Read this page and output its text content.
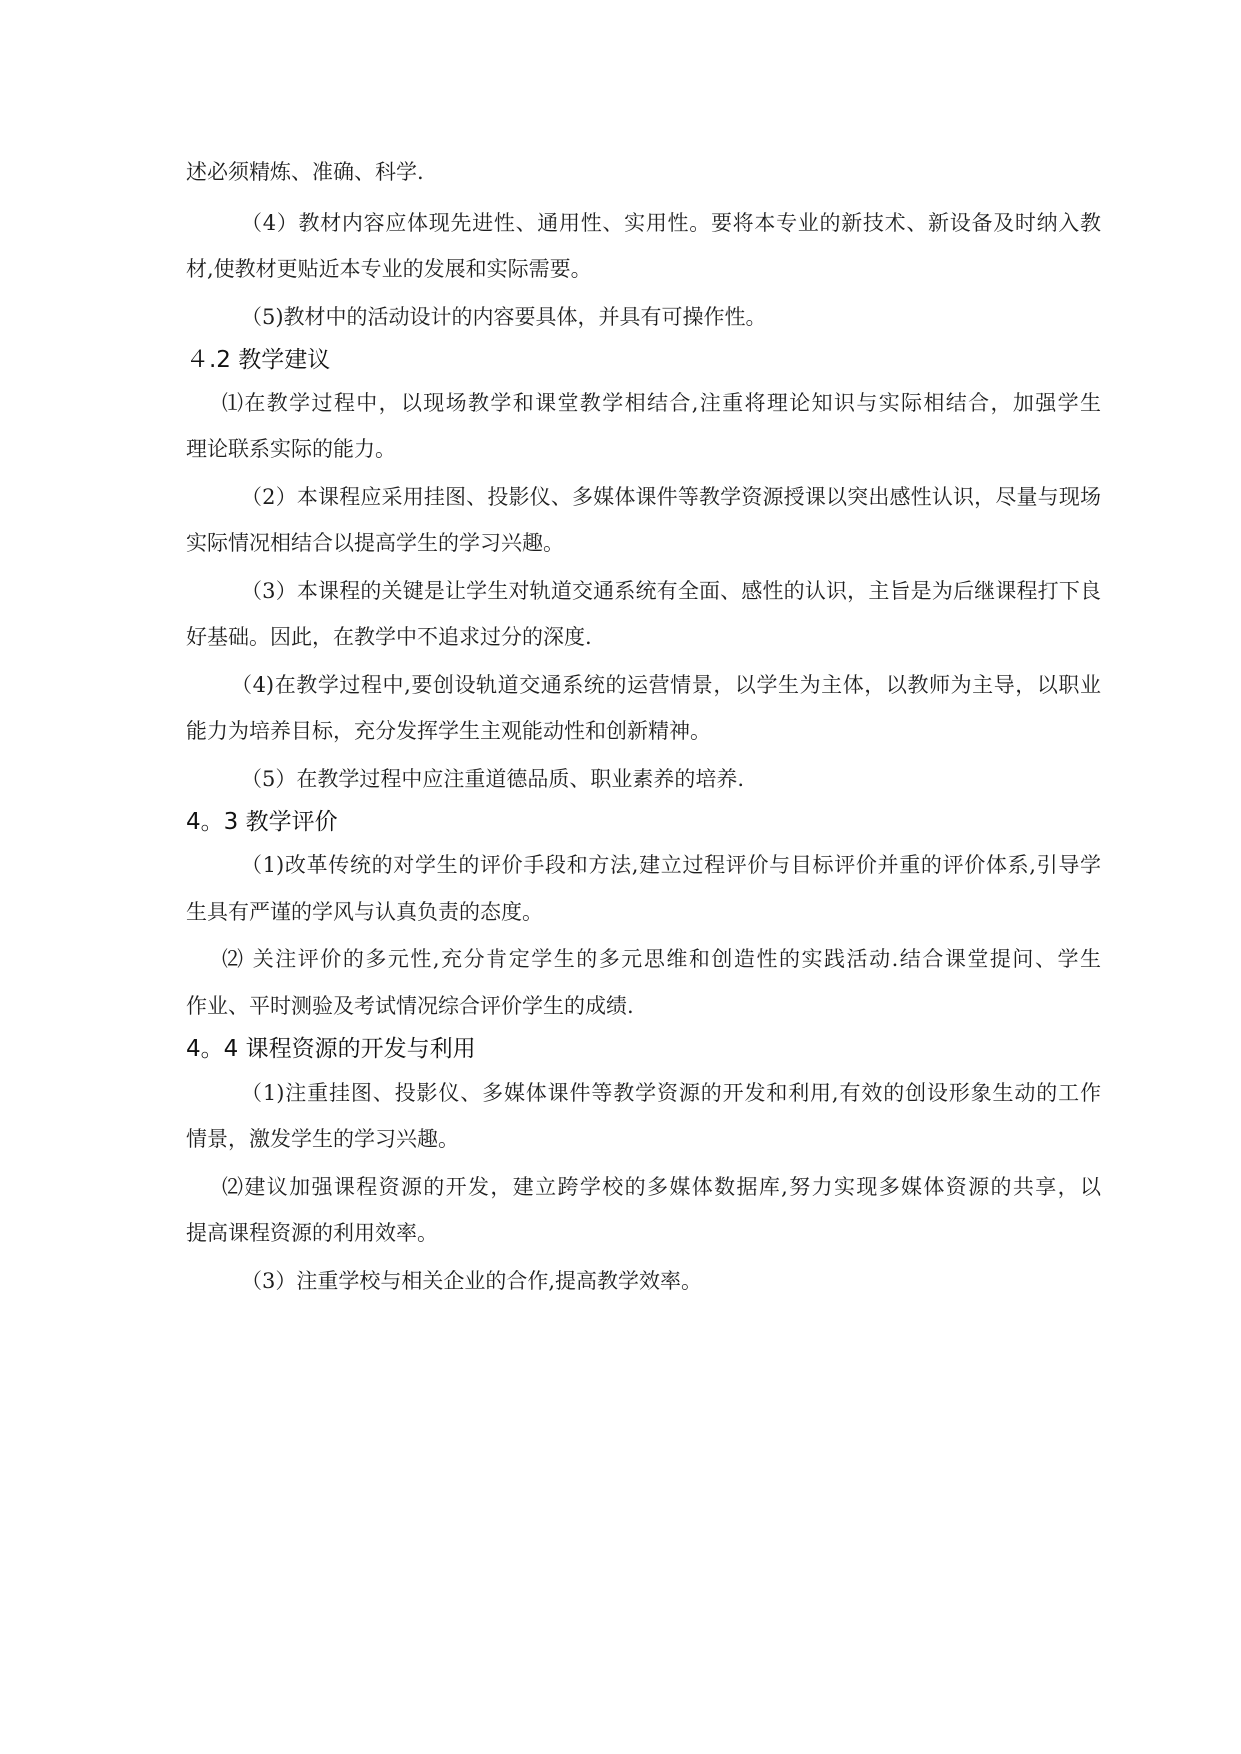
述必须精炼、准确、科学.
（4）教材内容应体现先进性、通用性、实用性。要将本专业的新技术、新设备及时纳入教
材,使教材更贴近本专业的发展和实际需要。
（5)教材中的活动设计的内容要具体，并具有可操作性。
４.2 教学建议
⑴在教学过程中，以现场教学和课堂教学相结合,注重将理论知识与实际相结合，加强学生
理论联系实际的能力。
（2）本课程应采用挂图、投影仪、多媒体课件等教学资源授课以突出感性认识，尽量与现场
实际情况相结合以提高学生的学习兴趣。
（3）本课程的关键是让学生对轨道交通系统有全面、感性的认识，主旨是为后继课程打下良
好基础。因此，在教学中不追求过分的深度.
（4)在教学过程中,要创设轨道交通系统的运营情景，以学生为主体，以教师为主导，以职业
能力为培养目标，充分发挥学生主观能动性和创新精神。
（5）在教学过程中应注重道德品质、职业素养的培养.
4。3 教学评价
（1)改革传统的对学生的评价手段和方法,建立过程评价与目标评价并重的评价体系,引导学
生具有严谨的学风与认真负责的态度。
⑵ 关注评价的多元性,充分肯定学生的多元思维和创造性的实践活动.结合课堂提问、学生
作业、平时测验及考试情况综合评价学生的成绩.
4。4 课程资源的开发与利用
（1)注重挂图、投影仪、多媒体课件等教学资源的开发和利用,有效的创设形象生动的工作
情景，激发学生的学习兴趣。
⑵建议加强课程资源的开发，建立跨学校的多媒体数据库,努力实现多媒体资源的共享，以
提高课程资源的利用效率。
（3）注重学校与相关企业的合作,提高教学效率。
